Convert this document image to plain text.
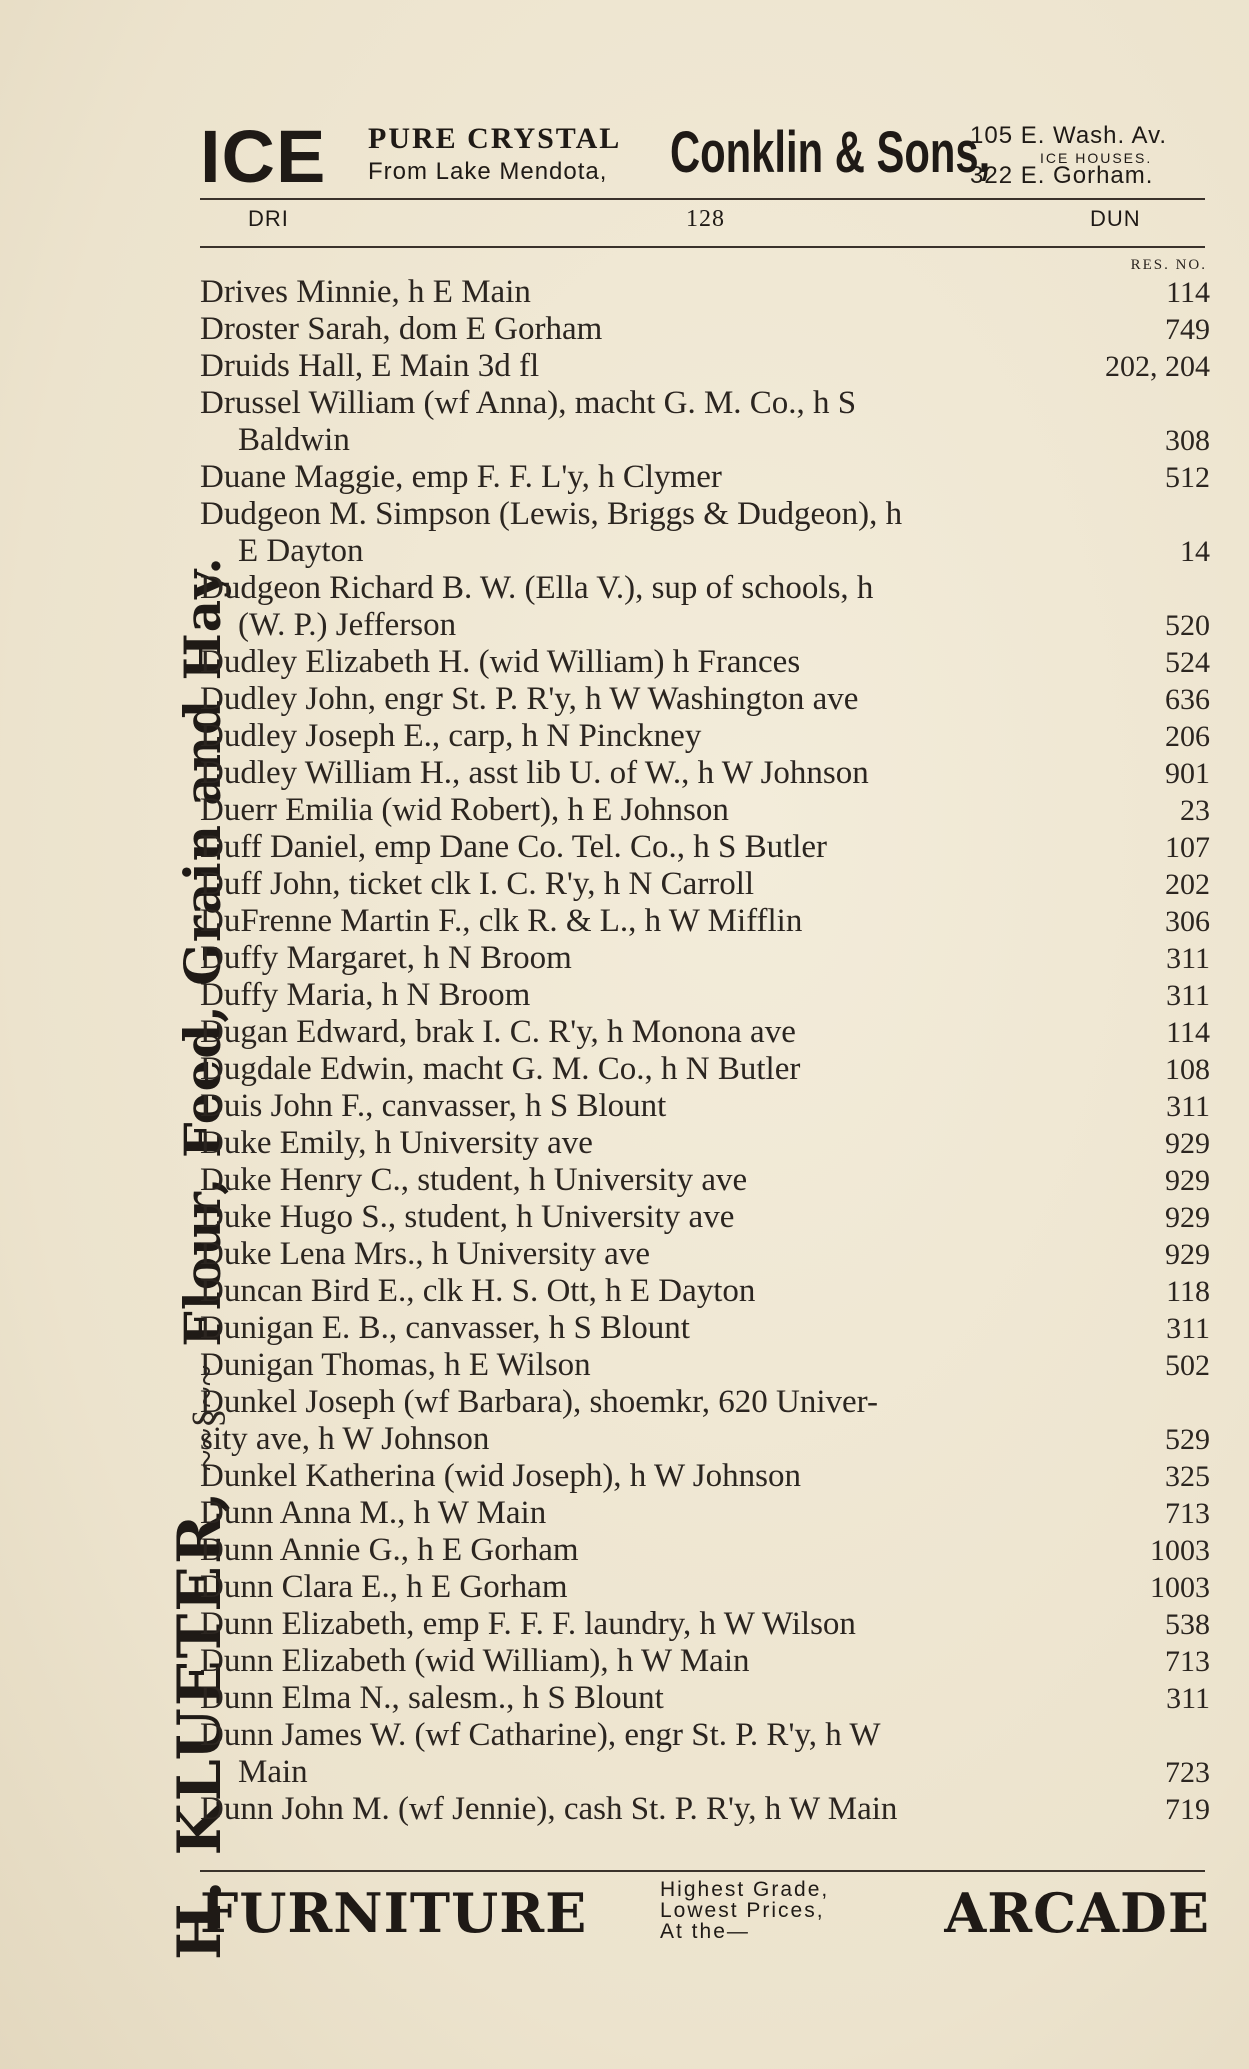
H. KLUETER,
~~§~~
Flour, Feed, Grain and Hay.
ICE PURE CRYSTAL
From Lake Mendota, Conklin & Sons,
105 E. Wash. Av.
ICE HOUSES.
322 E. Gorham.
DRI	128	DUN
RES. NO.
Drives Minnie, h E Main	114
Droster Sarah, dom E Gorham	749
Druids Hall, E Main 3d fl	202, 204
Drussel William (wf Anna), macht G. M. Co., h S
Baldwin	308
Duane Maggie, emp F. F. L'y, h Clymer	512
Dudgeon M. Simpson (Lewis, Briggs & Dudgeon), h
E Dayton	14
Dudgeon Richard B. W. (Ella V.), sup of schools, h
(W. P.) Jefferson	520
Dudley Elizabeth H. (wid William) h Frances	524
Dudley John, engr St. P. R'y, h W Washington ave	636
Dudley Joseph E., carp, h N Pinckney	206
Dudley William H., asst lib U. of W., h W Johnson	901
Duerr Emilia (wid Robert), h E Johnson	23
Duff Daniel, emp Dane Co. Tel. Co., h S Butler	107
Duff John, ticket clk I. C. R'y, h N Carroll	202
DuFrenne Martin F., clk R. & L., h W Mifflin	306
Duffy Margaret, h N Broom	311
Duffy Maria, h N Broom	311
Dugan Edward, brak I. C. R'y, h Monona ave	114
Dugdale Edwin, macht G. M. Co., h N Butler	108
Duis John F., canvasser, h S Blount	311
Duke Emily, h University ave	929
Duke Henry C., student, h University ave	929
Duke Hugo S., student, h University ave	929
Duke Lena Mrs., h University ave	929
Duncan Bird E., clk H. S. Ott, h E Dayton	118
Dunigan E. B., canvasser, h S Blount	311
Dunigan Thomas, h E Wilson	502
Dunkel Joseph (wf Barbara), shoemkr, 620 Univer-
sity ave, h W Johnson	529
Dunkel Katherina (wid Joseph), h W Johnson	325
Dunn Anna M., h W Main	713
Dunn Annie G., h E Gorham	1003
Dunn Clara E., h E Gorham	1003
Dunn Elizabeth, emp F. F. F. laundry, h W Wilson	538
Dunn Elizabeth (wid William), h W Main	713
Dunn Elma N., salesm., h S Blount	311
Dunn James W. (wf Catharine), engr St. P. R'y, h W
Main	723
Dunn John M. (wf Jennie), cash St. P. R'y, h W Main	719
FURNITURE	Highest Grade,
Lowest Prices,
At the—	ARCADE
